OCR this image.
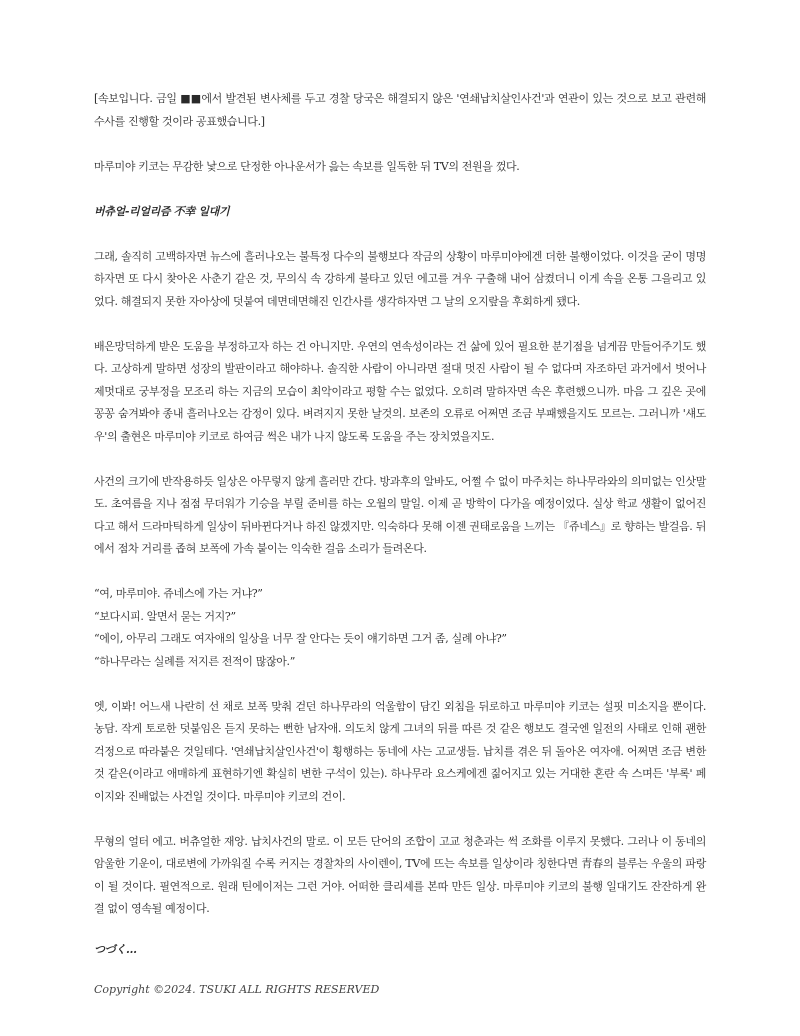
[속보입니다. 금일 ■■에서 발견된 변사체를 두고 경찰 당국은 해결되지 않은 '연쇄납치살인사건'과 연관이 있는 것으로 보고 관련해 수사를 진행할 것이라 공표했습니다.]

마루미야 키코는 무감한 낯으로 단정한 아나운서가 읊는 속보를 일독한 뒤 TV의 전원을 껐다.

버츄얼-리얼리즘 不幸 일대기

그래, 솔직히 고백하자면 뉴스에 흘러나오는 불특정 다수의 불행보다 작금의 상황이 마루미야에겐 더한 불행이었다. 이것을 굳이 명명하자면 또 다시 찾아온 사춘기 같은 것, 무의식 속 강하게 불타고 있던 에고를 겨우 구출해 내어 삼켰더니 이게 속을 온통 그을리고 있었다. 해결되지 못한 자아상에 덧붙여 데면데면해진 인간사를 생각하자면 그 날의 오지랖을 후회하게 됐다.

배은망덕하게 받은 도움을 부정하고자 하는 건 아니지만. 우연의 연속성이라는 건 삶에 있어 필요한 분기점을 넘게끔 만들어주기도 했다. 고상하게 말하면 성장의 발판이라고 해야하나. 솔직한 사람이 아니라면 절대 멋진 사람이 될 수 없다며 자조하던 과거에서 벗어나 제멋대로 궁부정을 모조리 하는 지금의 모습이 최악이라고 평할 수는 없었다. 오히려 말하자면 속은 후련했으니까. 마음 그 깊은 곳에 꽁꽁 숨겨봐야 종내 흘러나오는 감정이 있다. 벼려지지 못한 날것의. 보존의 오류로 어쩌면 조금 부패했을지도 모르는. 그러니까 '섀도우'의 출현은 마루미야 키코로 하여금 썩은 내가 나지 않도록 도움을 주는 장치였을지도.

사건의 크기에 반작용하듯 일상은 아무렇지 않게 흘러만 간다. 방과후의 알바도, 어쩔 수 없이 마주치는 하나무라와의 의미없는 인삿말도. 초여름을 지나 점점 무더워가 기승을 부릴 준비를 하는 오월의 말일. 이제 곧 방학이 다가올 예정이었다. 실상 학교 생활이 없어진다고 해서 드라마틱하게 일상이 뒤바뀐다거나 하진 않겠지만. 익숙하다 못해 이젠 권태로움을 느끼는 『쥬네스』로 향하는 발걸음. 뒤에서 점차 거리를 좁혀 보폭에 가속 붙이는 익숙한 걸음 소리가 들려온다.

“여, 마루미야. 쥬네스에 가는 거냐?”

“보다시피. 알면서 묻는 거지?”

“에이, 아무리 그래도 여자애의 일상을 너무 잘 안다는 듯이 얘기하면 그거 좀, 실례 아냐?”

“하나무라는 실례를 저지른 전적이 많잖아.”

엣, 이봐! 어느새 나란히 선 채로 보폭 맞춰 걷던 하나무라의 억울함이 담긴 외침을 뒤로하고 마루미야 키코는 설핏 미소지을 뿐이다. 농담. 작게 토로한 덧붙임은 듣지 못하는 뻔한 남자애. 의도치 않게 그녀의 뒤를 따른 것 같은 행보도 결국엔 일전의 사태로 인해 괜한 걱정으로 따라붙은 것일테다. '연쇄납치살인사건'이 횡행하는 동네에 사는 고교생들. 납치를 겪은 뒤 돌아온 여자애. 어쩌면 조금 변한 것 같은(이라고 애매하게 표현하기엔 확실히 변한 구석이 있는). 하나무라 요스케에겐 짊어지고 있는 거대한 혼란 속 스며든 '부록' 페이지와 진배없는 사건일 것이다. 마루미야 키코의 건이.

무형의 얼터 에고. 버츄얼한 재앙. 납치사건의 말로. 이 모든 단어의 조합이 고교 청춘과는 썩 조화를 이루지 못했다. 그러나 이 동네의 암울한 기운이, 대로변에 가까워질 수록 커지는 경찰차의 사이렌이, TV에 뜨는 속보를 일상이라 칭한다면 青春의 블루는 우울의 파랑이 될 것이다. 필연적으로. 원래 틴에이저는 그런 거야. 어떠한 클리셰를 본따 만든 일상. 마루미야 키코의 불행 일대기도 잔잔하게 완결 없이 영속될 예정이다.

つづく…

Copyright ©2024. TSUKI ALL RIGHTS RESERVED
